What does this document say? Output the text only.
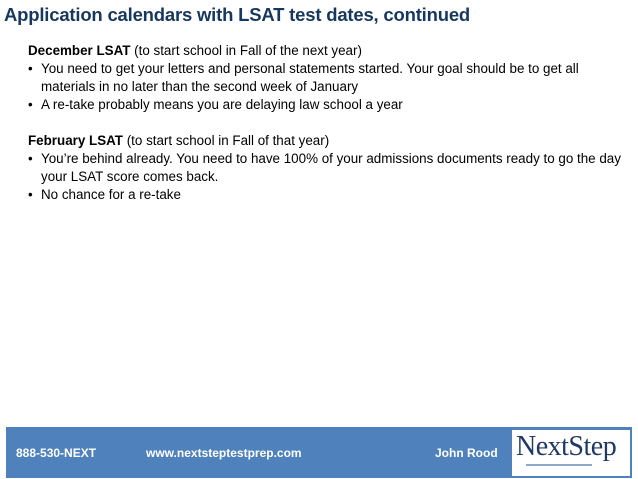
Application calendars with LSAT test dates, continued
December LSAT (to start school in Fall of the next year)
• You need to get your letters and personal statements started. Your goal should be to get all materials in no later than the second week of January
• A re-take probably means you are delaying law school a year
February LSAT (to start school in Fall of that year)
• You’re behind already. You need to have 100% of your admissions documents ready to go the day your LSAT score comes back.
• No chance for a re-take
888-530-NEXT	www.nextsteptestprep.com	John Rood NextStep
